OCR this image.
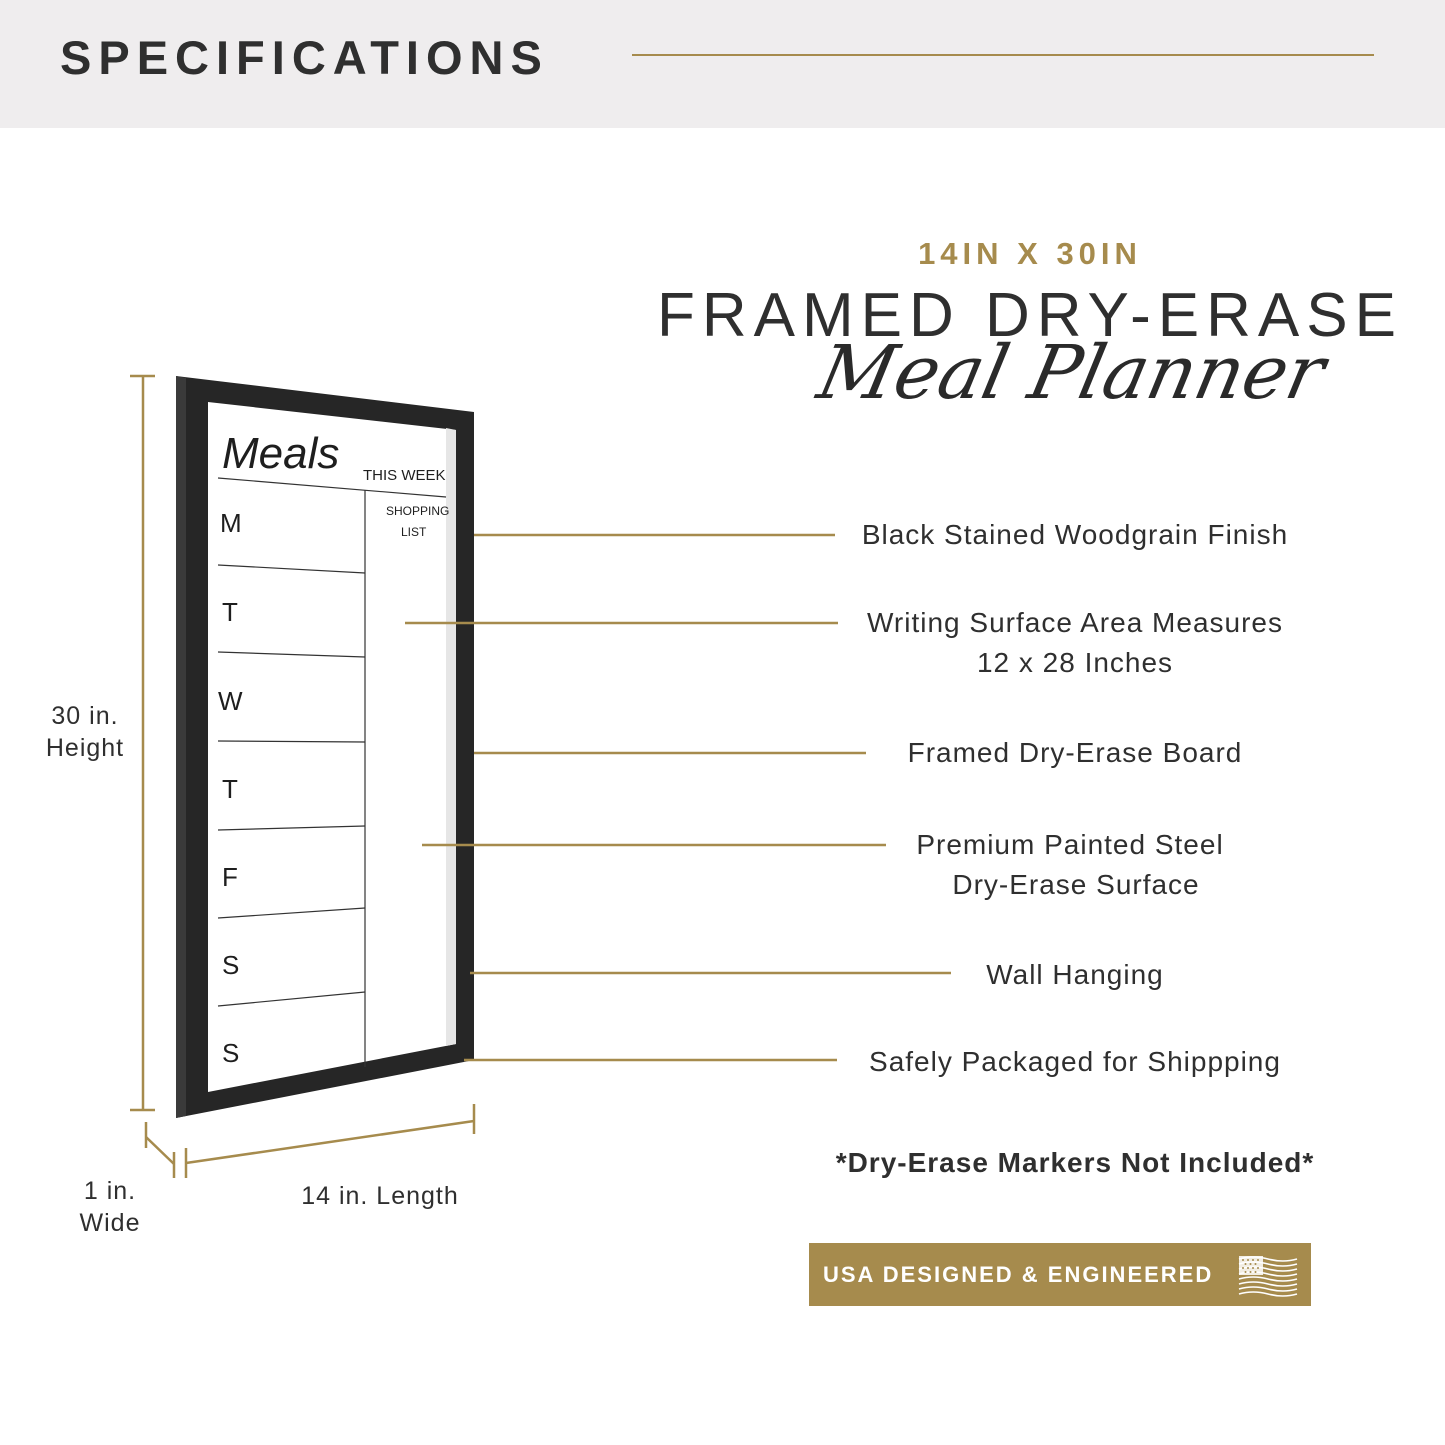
SPECIFICATIONS
14IN X 30IN
FRAMED DRY-ERASE
Meal Planner
Meals THIS WEEK
SHOPPING
LIST
M
T
W
T
F
S
S
30 in.
Height
1 in.
Wide
14 in. Length
Black Stained Woodgrain Finish
Writing Surface Area Measures
12 x 28 Inches
Framed Dry-Erase Board
Premium Painted Steel
Dry-Erase Surface
Wall Hanging
Safely Packaged for Shippping
*Dry-Erase Markers Not Included*
USA DESIGNED & ENGINEERED
